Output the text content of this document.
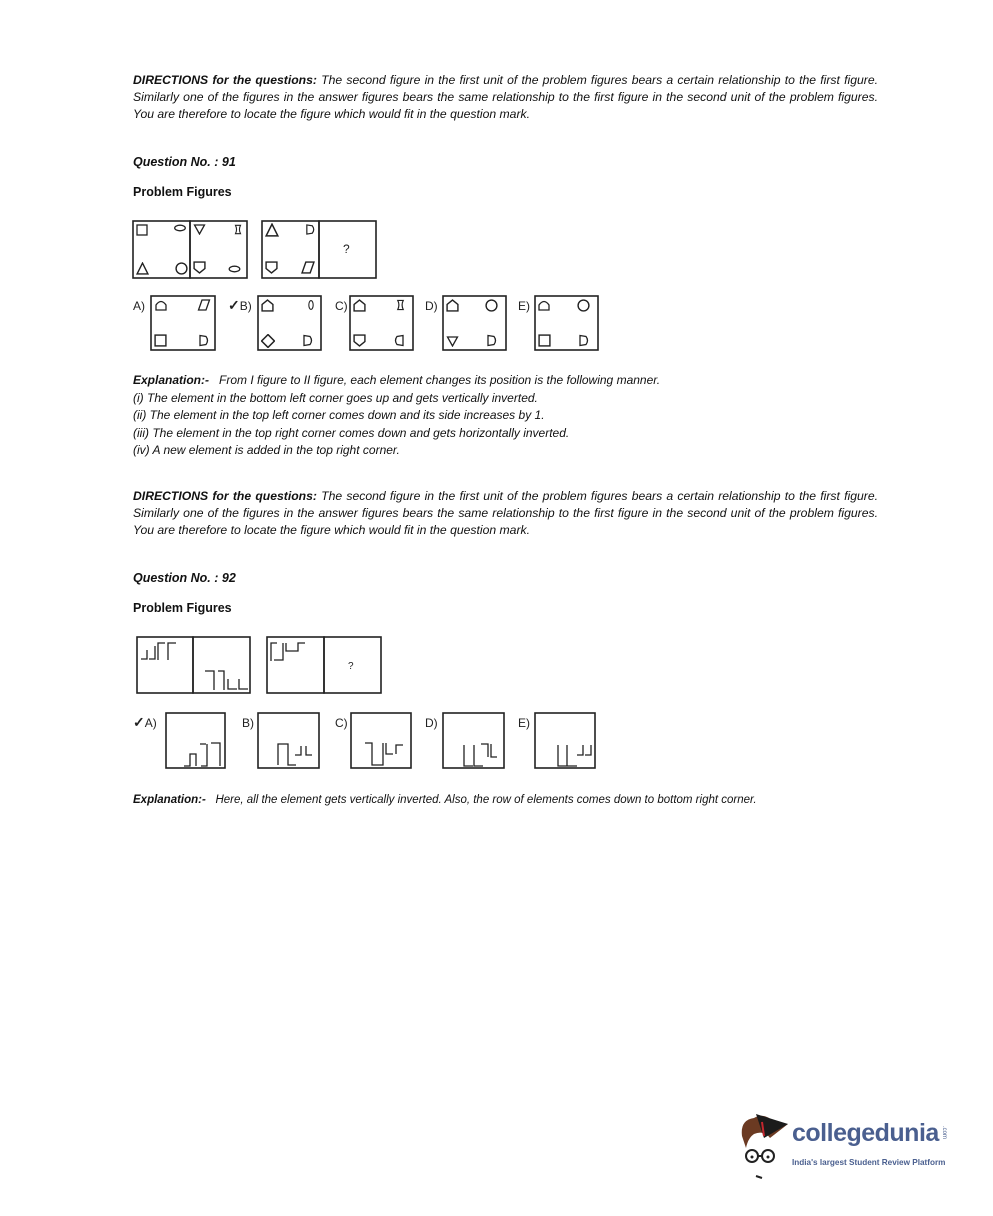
DIRECTIONS for the questions: The second figure in the first unit of the problem figures bears a certain relationship to the first figure. Similarly one of the figures in the answer figures bears the same relationship to the first figure in the second unit of the problem figures. You are therefore to locate the figure which would fit in the question mark.
Question No. : 91
Problem Figures
Explanation:- From I figure to II figure, each element changes its position is the following manner.
(i) The element in the bottom left corner goes up and gets vertically inverted.
(ii) The element in the top left corner comes down and its side increases by 1.
(iii) The element in the top right corner comes down and gets horizontally inverted.
(iv) A new element is added in the top right corner.
DIRECTIONS for the questions: The second figure in the first unit of the problem figures bears a certain relationship to the first figure. Similarly one of the figures in the answer figures bears the same relationship to the first figure in the second unit of the problem figures. You are therefore to locate the figure which would fit in the question mark.
Question No. : 92
Problem Figures
Explanation:- Here, all the element gets vertically inverted. Also, the row of elements comes down to bottom right corner.
?
A)	✓B)	C)	D)	E)
?
✓A)	B)	C)	D)	E)
collegedunia .com
India's largest Student Review Platform
